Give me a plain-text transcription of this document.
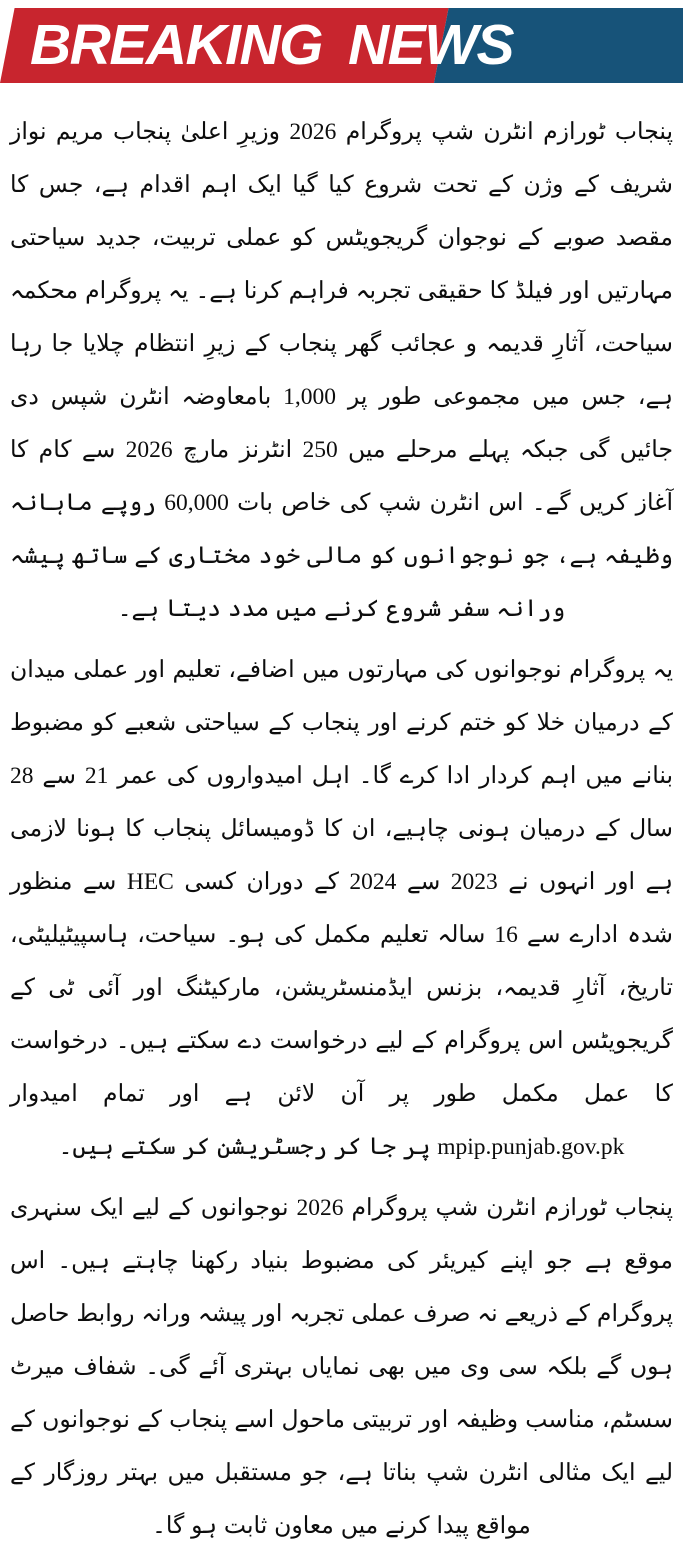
BREAKING NEWS

پنجاب ٹورازم انٹرن شپ پروگرام 2026 وزیرِ اعلیٰ پنجاب مریم نواز شریف کے وژن کے تحت شروع کیا گیا ایک اہم اقدام ہے، جس کا مقصد صوبے کے نوجوان گریجویٹس کو عملی تربیت، جدید سیاحتی مہارتیں اور فیلڈ کا حقیقی تجربہ فراہم کرنا ہے۔ یہ پروگرام محکمہ سیاحت، آثارِ قدیمہ و عجائب گھر پنجاب کے زیرِ انتظام چلایا جا رہا ہے، جس میں مجموعی طور پر 1,000 بامعاوضہ انٹرن شپس دی جائیں گی جبکہ پہلے مرحلے میں 250 انٹرنز مارچ 2026 سے کام کا آغاز کریں گے۔ اس انٹرن شپ کی خاص بات 60,000 روپے ماہانہ وظیفہ ہے، جو نوجوانوں کو مالی خود مختاری کے ساتھ پیشہ ورانہ سفر شروع کرنے میں مدد دیتا ہے۔

یہ پروگرام نوجوانوں کی مہارتوں میں اضافے، تعلیم اور عملی میدان کے درمیان خلا کو ختم کرنے اور پنجاب کے سیاحتی شعبے کو مضبوط بنانے میں اہم کردار ادا کرے گا۔ اہل امیدواروں کی عمر 21 سے 28 سال کے درمیان ہونی چاہیے، ان کا ڈومیسائل پنجاب کا ہونا لازمی ہے اور انہوں نے 2023 سے 2024 کے دوران کسی HEC سے منظور شدہ ادارے سے 16 سالہ تعلیم مکمل کی ہو۔ سیاحت، ہاسپیٹیلیٹی، تاریخ، آثارِ قدیمہ، بزنس ایڈمنسٹریشن، مارکیٹنگ اور آئی ٹی کے گریجویٹس اس پروگرام کے لیے درخواست دے سکتے ہیں۔ درخواست کا عمل مکمل طور پر آن لائن ہے اور تمام امیدوار mpip.punjab.gov.pk پر جا کر رجسٹریشن کر سکتے ہیں۔

پنجاب ٹورازم انٹرن شپ پروگرام 2026 نوجوانوں کے لیے ایک سنہری موقع ہے جو اپنے کیریئر کی مضبوط بنیاد رکھنا چاہتے ہیں۔ اس پروگرام کے ذریعے نہ صرف عملی تجربہ اور پیشہ ورانہ روابط حاصل ہوں گے بلکہ سی وی میں بھی نمایاں بہتری آئے گی۔ شفاف میرٹ سسٹم، مناسب وظیفہ اور تربیتی ماحول اسے پنجاب کے نوجوانوں کے لیے ایک مثالی انٹرن شپ بناتا ہے، جو مستقبل میں بہتر روزگار کے مواقع پیدا کرنے میں معاون ثابت ہو گا۔
